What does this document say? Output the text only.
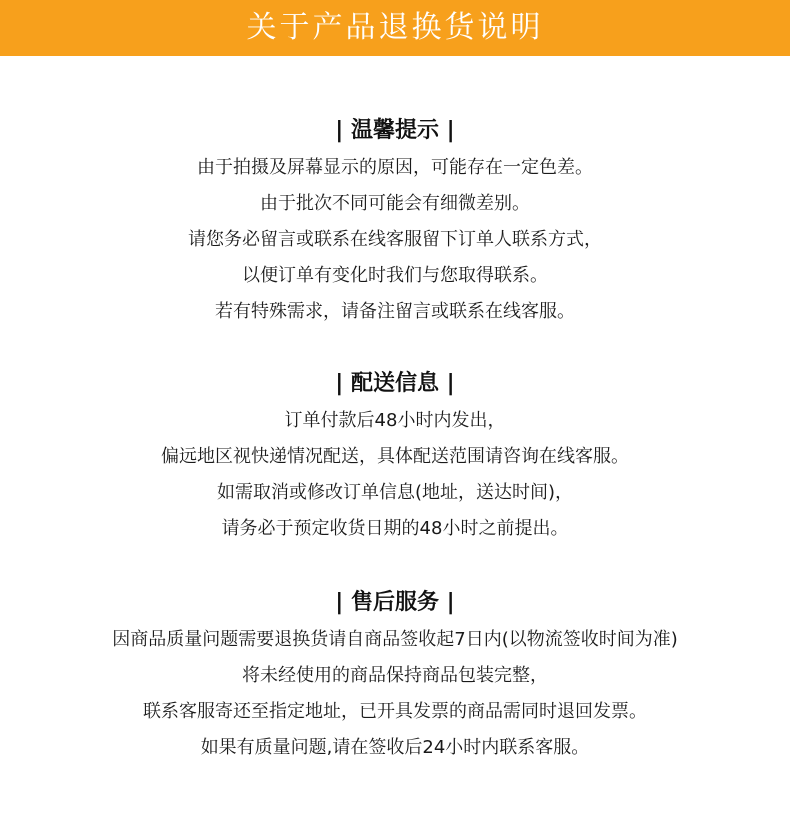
关于产品退换货说明
| 温馨提示 |
由于拍摄及屏幕显示的原因，可能存在一定色差。
由于批次不同可能会有细微差别。
请您务必留言或联系在线客服留下订单人联系方式，
以便订单有变化时我们与您取得联系。
若有特殊需求，请备注留言或联系在线客服。
| 配送信息 |
订单付款后48小时内发出，
偏远地区视快递情况配送，具体配送范围请咨询在线客服。
如需取消或修改订单信息(地址，送达时间)，
请务必于预定收货日期的48小时之前提出。
| 售后服务 |
因商品质量问题需要退换货请自商品签收起7日内(以物流签收时间为准)
将未经使用的商品保持商品包装完整，
联系客服寄还至指定地址，已开具发票的商品需同时退回发票。
如果有质量问题,请在签收后24小时内联系客服。
